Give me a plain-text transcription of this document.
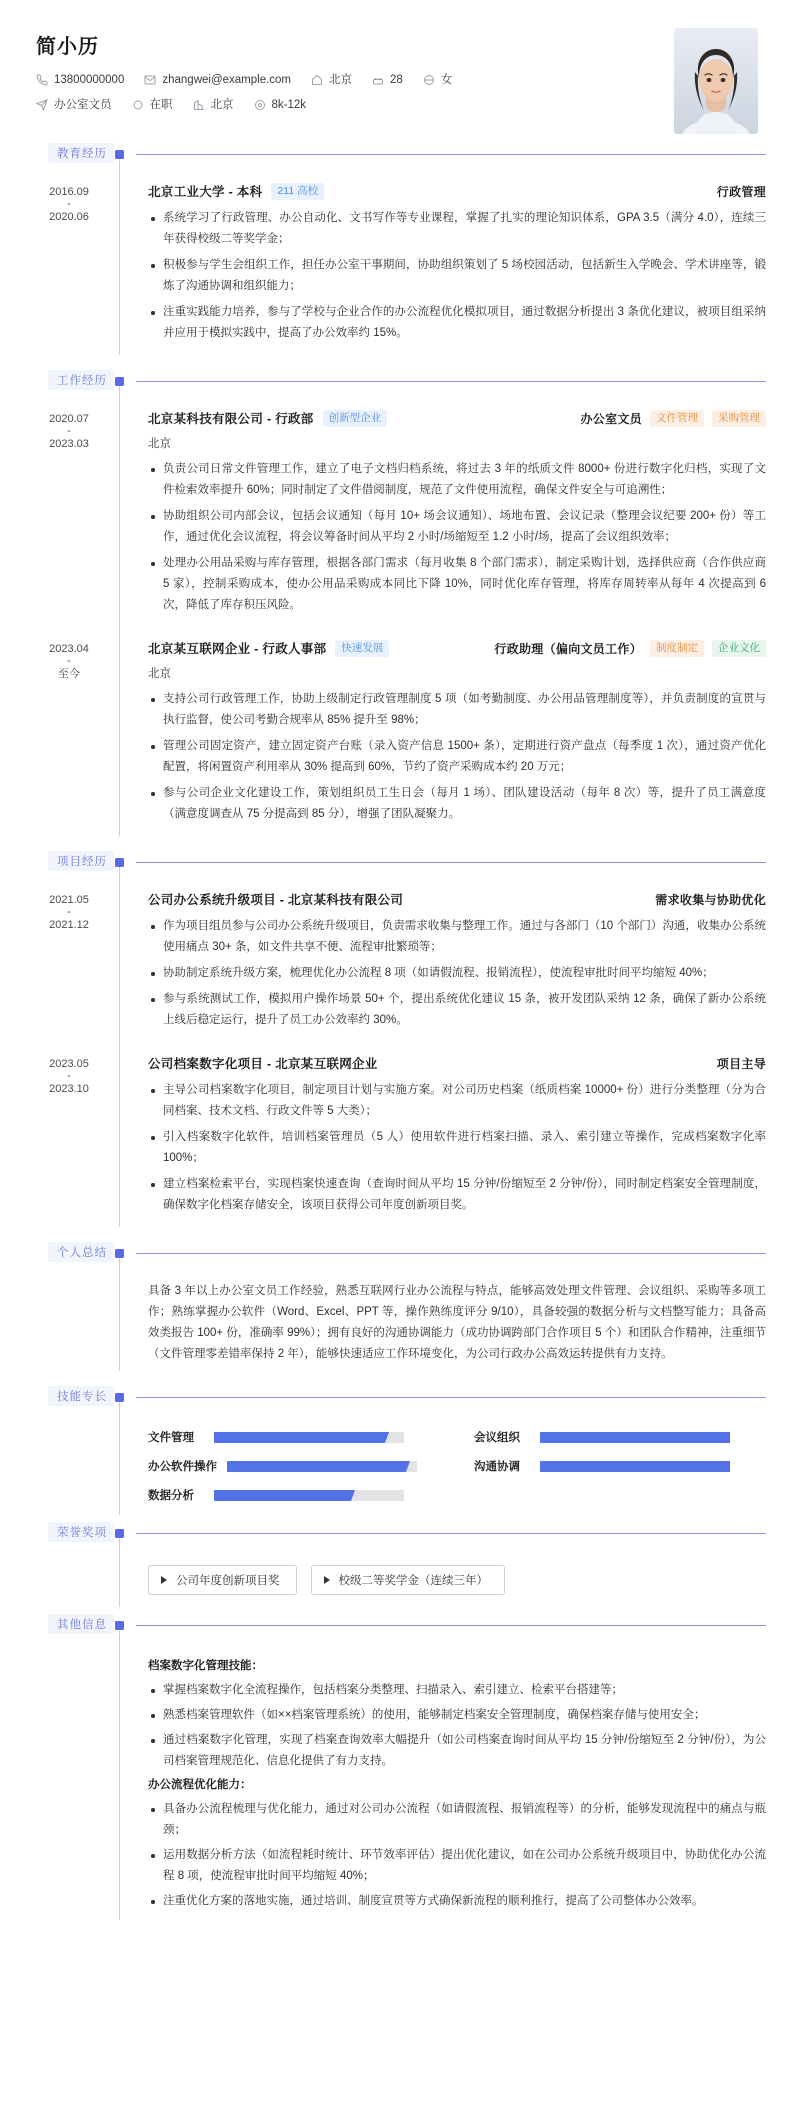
简小历
13800000000	zhangwei@example.com	北京	28	女
办公室文员	在职	北京	8k-12k
教育经历
2016.09
-
2020.06
北京工业大学 - 本科	211 高校	行政管理
系统学习了行政管理、办公自动化、文书写作等专业课程，掌握了扎实的理论知识体系，GPA 3.5（满分 4.0），连续三年获得校级二等奖学金；
积极参与学生会组织工作，担任办公室干事期间，协助组织策划了 5 场校园活动，包括新生入学晚会、学术讲座等，锻炼了沟通协调和组织能力；
注重实践能力培养，参与了学校与企业合作的办公流程优化模拟项目，通过数据分析提出 3 条优化建议，被项目组采纳并应用于模拟实践中，提高了办公效率约 15%。
工作经历
2020.07
-
2023.03
北京某科技有限公司 - 行政部	创新型企业	办公室文员	文件管理	采购管理
北京
负责公司日常文件管理工作，建立了电子文档归档系统，将过去 3 年的纸质文件 8000+ 份进行数字化归档，实现了文件检索效率提升 60%；同时制定了文件借阅制度，规范了文件使用流程，确保文件安全与可追溯性；
协助组织公司内部会议，包括会议通知（每月 10+ 场会议通知）、场地布置、会议记录（整理会议纪要 200+ 份）等工作，通过优化会议流程，将会议筹备时间从平均 2 小时/场缩短至 1.2 小时/场，提高了会议组织效率；
处理办公用品采购与库存管理，根据各部门需求（每月收集 8 个部门需求），制定采购计划，选择供应商（合作供应商 5 家），控制采购成本，使办公用品采购成本同比下降 10%，同时优化库存管理，将库存周转率从每年 4 次提高到 6 次，降低了库存积压风险。
2023.04
-
至今
北京某互联网企业 - 行政人事部	快速发展	行政助理（偏向文员工作）	制度制定	企业文化
北京
支持公司行政管理工作，协助上级制定行政管理制度 5 项（如考勤制度、办公用品管理制度等），并负责制度的宣贯与执行监督，使公司考勤合规率从 85% 提升至 98%；
管理公司固定资产，建立固定资产台账（录入资产信息 1500+ 条），定期进行资产盘点（每季度 1 次），通过资产优化配置，将闲置资产利用率从 30% 提高到 60%，节约了资产采购成本约 20 万元；
参与公司企业文化建设工作，策划组织员工生日会（每月 1 场）、团队建设活动（每年 8 次）等，提升了员工满意度（满意度调查从 75 分提高到 85 分），增强了团队凝聚力。
项目经历
2021.05
-
2021.12
公司办公系统升级项目 - 北京某科技有限公司	需求收集与协助优化
作为项目组员参与公司办公系统升级项目，负责需求收集与整理工作。通过与各部门（10 个部门）沟通，收集办公系统使用痛点 30+ 条，如文件共享不便、流程审批繁琐等；
协助制定系统升级方案，梳理优化办公流程 8 项（如请假流程、报销流程），使流程审批时间平均缩短 40%；
参与系统测试工作，模拟用户操作场景 50+ 个，提出系统优化建议 15 条，被开发团队采纳 12 条，确保了新办公系统上线后稳定运行，提升了员工办公效率约 30%。
2023.05
-
2023.10
公司档案数字化项目 - 北京某互联网企业	项目主导
主导公司档案数字化项目，制定项目计划与实施方案。对公司历史档案（纸质档案 10000+ 份）进行分类整理（分为合同档案、技术文档、行政文件等 5 大类）；
引入档案数字化软件，培训档案管理员（5 人）使用软件进行档案扫描、录入、索引建立等操作，完成档案数字化率 100%；
建立档案检索平台，实现档案快速查询（查询时间从平均 15 分钟/份缩短至 2 分钟/份），同时制定档案安全管理制度，确保数字化档案存储安全，该项目获得公司年度创新项目奖。
个人总结
具备 3 年以上办公室文员工作经验，熟悉互联网行业办公流程与特点，能够高效处理文件管理、会议组织、采购等多项工作；熟练掌握办公软件（Word、Excel、PPT 等，操作熟练度评分 9/10），具备较强的数据分析与文档整写能力；具备高效类报告 100+ 份，准确率 99%）；拥有良好的沟通协调能力（成功协调跨部门合作项目 5 个）和团队合作精神，注重细节（文件管理零差错率保持 2 年），能够快速适应工作环境变化，为公司行政办公高效运转提供有力支持。
技能专长
文件管理	会议组织
办公软件操作	沟通协调
数据分析
荣誉奖项
公司年度创新项目奖	校级二等奖学金（连续三年）
其他信息
档案数字化管理技能：
掌握档案数字化全流程操作，包括档案分类整理、扫描录入、索引建立、检索平台搭建等；
熟悉档案管理软件（如××档案管理系统）的使用，能够制定档案安全管理制度，确保档案存储与使用安全；
通过档案数字化管理，实现了档案查询效率大幅提升（如公司档案查询时间从平均 15 分钟/份缩短至 2 分钟/份），为公司档案管理规范化、信息化提供了有力支持。
办公流程优化能力：
具备办公流程梳理与优化能力，通过对公司办公流程（如请假流程、报销流程等）的分析，能够发现流程中的痛点与瓶颈；
运用数据分析方法（如流程耗时统计、环节效率评估）提出优化建议，如在公司办公系统升级项目中，协助优化办公流程 8 项，使流程审批时间平均缩短 40%；
注重优化方案的落地实施，通过培训、制度宣贯等方式确保新流程的顺利推行，提高了公司整体办公效率。
